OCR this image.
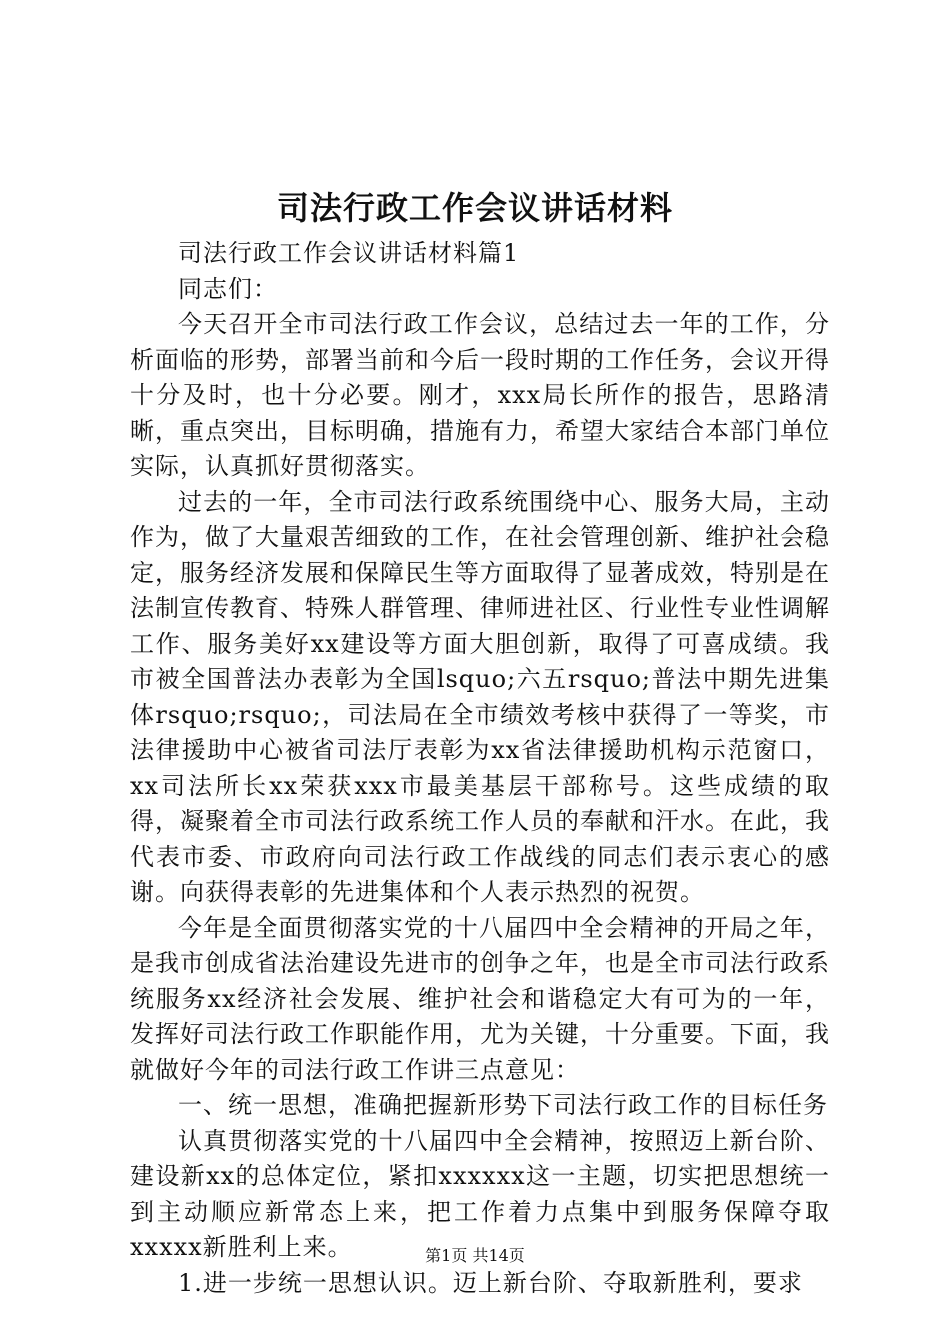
司法行政工作会议讲话材料

司法行政工作会议讲话材料篇1

同志们：

今天召开全市司法行政工作会议，总结过去一年的工作，分析面临的形势，部署当前和今后一段时期的工作任务，会议开得十分及时，也十分必要。刚才，xxx局长所作的报告，思路清晰，重点突出，目标明确，措施有力，希望大家结合本部门单位实际，认真抓好贯彻落实。

过去的一年，全市司法行政系统围绕中心、服务大局，主动作为，做了大量艰苦细致的工作，在社会管理创新、维护社会稳定，服务经济发展和保障民生等方面取得了显著成效，特别是在法制宣传教育、特殊人群管理、律师进社区、行业性专业性调解工作、服务美好xx建设等方面大胆创新，取得了可喜成绩。我市被全国普法办表彰为全国lsquo;六五rsquo;普法中期先进集体rsquo;rsquo;，司法局在全市绩效考核中获得了一等奖，市法律援助中心被省司法厅表彰为xx省法律援助机构示范窗口，xx司法所长xx荣获xxx市最美基层干部称号。这些成绩的取得，凝聚着全市司法行政系统工作人员的奉献和汗水。在此，我代表市委、市政府向司法行政工作战线的同志们表示衷心的感谢。向获得表彰的先进集体和个人表示热烈的祝贺。

今年是全面贯彻落实党的十八届四中全会精神的开局之年，是我市创成省法治建设先进市的创争之年，也是全市司法行政系统服务xx经济社会发展、维护社会和谐稳定大有可为的一年，发挥好司法行政工作职能作用，尤为关键，十分重要。下面，我就做好今年的司法行政工作讲三点意见：

一、统一思想，准确把握新形势下司法行政工作的目标任务

认真贯彻落实党的十八届四中全会精神，按照迈上新台阶、建设新xx的总体定位，紧扣xxxxxx这一主题，切实把思想统一到主动顺应新常态上来，把工作着力点集中到服务保障夺取xxxxx新胜利上来。

1.进一步统一思想认识。迈上新台阶、夺取新胜利，要求

第1页 共14页
